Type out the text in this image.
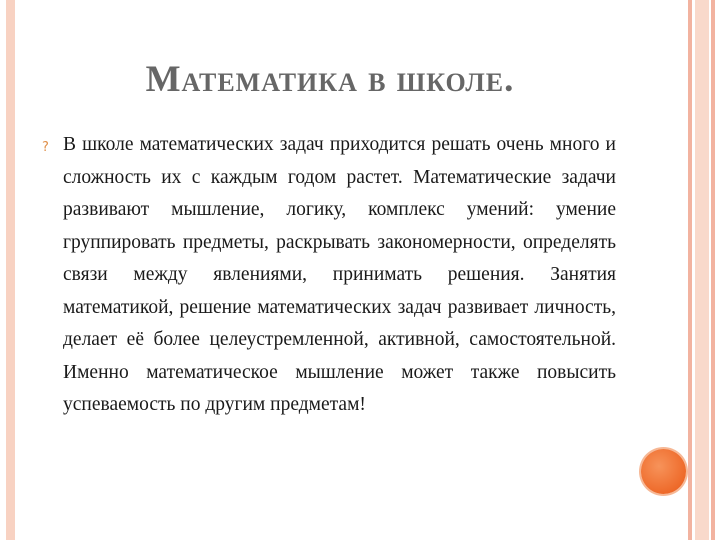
Математика в школе.
? В школе математических задач приходится решать очень много и сложность их с каждым годом растет. Математические задачи развивают мышление, логику, комплекс умений: умение группировать предметы, раскрывать закономерности, определять связи между явлениями, принимать решения. Занятия математикой, решение математических задач развивает личность, делает её более целеустремленной, активной, самостоятельной. Именно математическое мышление может также повысить успеваемость по другим предметам!
